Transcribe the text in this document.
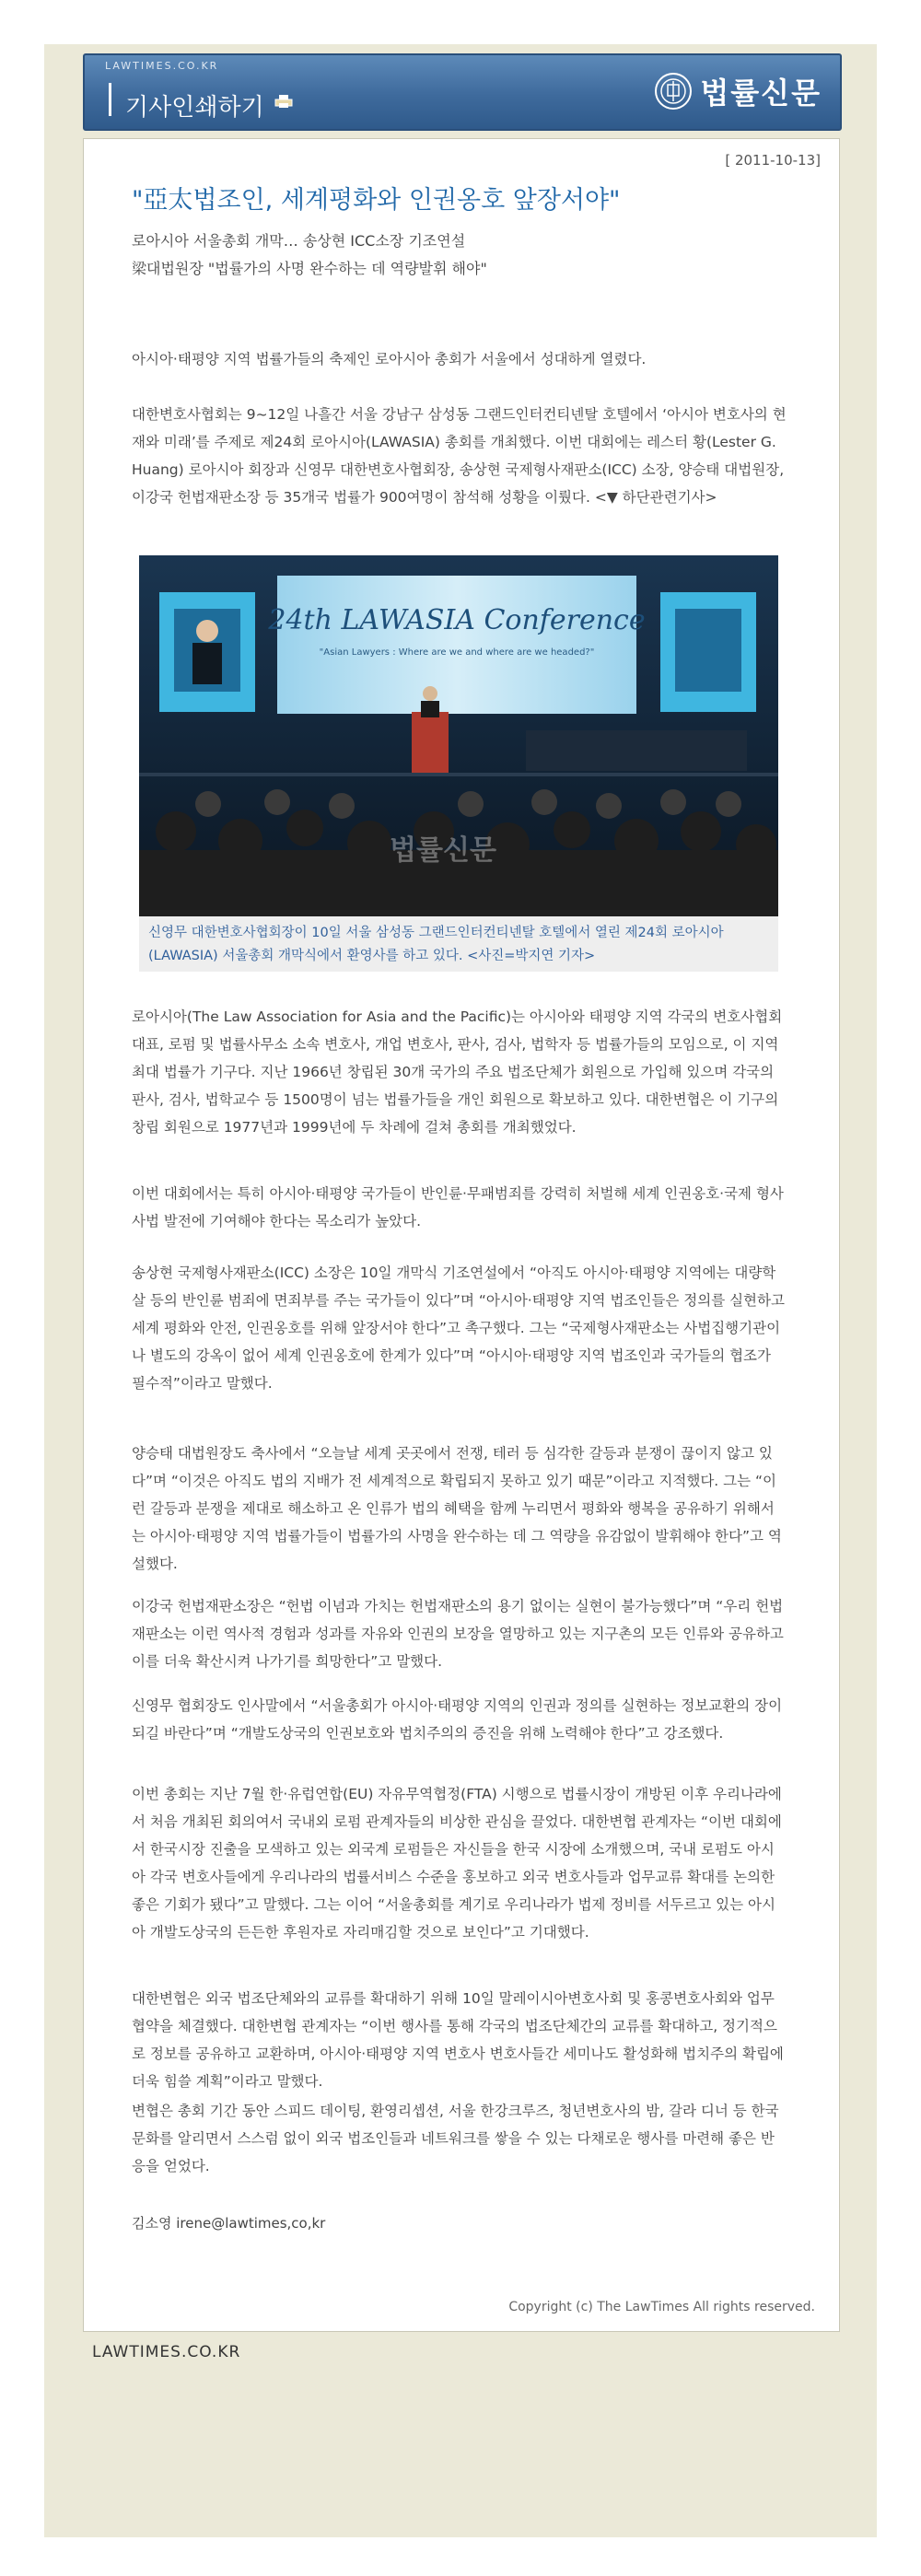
LAWTIMES.CO.KR
기사인쇄하기	법률신문
[ 2011-10-13]
"亞太법조인, 세계평화와 인권옹호 앞장서야"
로아시아 서울총회 개막… 송상현 ICC소장 기조연설
梁대법원장 "법률가의 사명 완수하는 데 역량발휘 해야"

아시아·태평양 지역 법률가들의 축제인 로아시아 총회가 서울에서 성대하게 열렸다.

대한변호사협회는 9~12일 나흘간 서울 강남구 삼성동 그랜드인터컨티넨탈 호텔에서 ‘아시아 변호사의 현재와 미래’를 주제로 제24회 로아시아(LAWASIA) 총회를 개최했다. 이번 대회에는 레스터 황(Lester G. Huang) 로아시아 회장과 신영무 대한변호사협회장, 송상현 국제형사재판소(ICC) 소장, 양승태 대법원장, 이강국 헌법재판소장 등 35개국 법률가 900여명이 참석해 성황을 이뤘다. <▼ 하단관련기사>

24th LAWASIA Conference
"Asian Lawyers : Where are we and where are we headed?"
법률신문

신영무 대한변호사협회장이 10일 서울 삼성동 그랜드인터컨티넨탈 호텔에서 열린 제24회 로아시아(LAWASIA) 서울총회 개막식에서 환영사를 하고 있다. <사진=박지연 기자>

로아시아(The Law Association for Asia and the Pacific)는 아시아와 태평양 지역 각국의 변호사협회 대표, 로펌 및 법률사무소 소속 변호사, 개업 변호사, 판사, 검사, 법학자 등 법률가들의 모임으로, 이 지역 최대 법률가 기구다. 지난 1966년 창립된 30개 국가의 주요 법조단체가 회원으로 가입해 있으며 각국의 판사, 검사, 법학교수 등 1500명이 넘는 법률가들을 개인 회원으로 확보하고 있다. 대한변협은 이 기구의 창립 회원으로 1977년과 1999년에 두 차례에 걸쳐 총회를 개최했었다.

이번 대회에서는 특히 아시아·태평양 국가들이 반인륜·무패범죄를 강력히 처벌해 세계 인권옹호·국제 형사사법 발전에 기여해야 한다는 목소리가 높았다.

송상현 국제형사재판소(ICC) 소장은 10일 개막식 기조연설에서 “아직도 아시아·태평양 지역에는 대량학살 등의 반인륜 범죄에 면죄부를 주는 국가들이 있다”며 “아시아·태평양 지역 법조인들은 정의를 실현하고 세계 평화와 안전, 인권옹호를 위해 앞장서야 한다”고 촉구했다. 그는 “국제형사재판소는 사법집행기관이나 별도의 강옥이 없어 세계 인권옹호에 한계가 있다”며 “아시아·태평양 지역 법조인과 국가들의 협조가 필수적”이라고 말했다.

양승태 대법원장도 축사에서 “오늘날 세계 곳곳에서 전쟁, 테러 등 심각한 갈등과 분쟁이 끊이지 않고 있다”며 “이것은 아직도 법의 지배가 전 세계적으로 확립되지 못하고 있기 때문”이라고 지적했다. 그는 “이런 갈등과 분쟁을 제대로 해소하고 온 인류가 법의 혜택을 함께 누리면서 평화와 행복을 공유하기 위해서는 아시아·태평양 지역 법률가들이 법률가의 사명을 완수하는 데 그 역량을 유감없이 발휘해야 한다”고 역설했다.

이강국 헌법재판소장은 “헌법 이념과 가치는 헌법재판소의 용기 없이는 실현이 불가능했다”며 “우리 헌법재판소는 이런 역사적 경험과 성과를 자유와 인권의 보장을 열망하고 있는 지구촌의 모든 인류와 공유하고 이를 더욱 확산시켜 나가기를 희망한다”고 말했다.

신영무 협회장도 인사말에서 “서울총회가 아시아·태평양 지역의 인권과 정의를 실현하는 정보교환의 장이 되길 바란다”며 “개발도상국의 인권보호와 법치주의의 증진을 위해 노력해야 한다”고 강조했다.

이번 총회는 지난 7월 한·유럽연합(EU) 자유무역협정(FTA) 시행으로 법률시장이 개방된 이후 우리나라에서 처음 개최된 회의여서 국내외 로펌 관계자들의 비상한 관심을 끌었다. 대한변협 관계자는 “이번 대회에서 한국시장 진출을 모색하고 있는 외국계 로펌들은 자신들을 한국 시장에 소개했으며, 국내 로펌도 아시아 각국 변호사들에게 우리나라의 법률서비스 수준을 홍보하고 외국 변호사들과 업무교류 확대를 논의한 좋은 기회가 됐다”고 말했다. 그는 이어 “서울총회를 계기로 우리나라가 법제 정비를 서두르고 있는 아시아 개발도상국의 든든한 후원자로 자리매김할 것으로 보인다”고 기대했다.

대한변협은 외국 법조단체와의 교류를 확대하기 위해 10일 말레이시아변호사회 및 홍콩변호사회와 업무협약을 체결했다. 대한변협 관계자는 “이번 행사를 통해 각국의 법조단체간의 교류를 확대하고, 정기적으로 정보를 공유하고 교환하며, 아시아·태평양 지역 변호사 변호사들간 세미나도 활성화해 법치주의 확립에 더욱 힘쓸 계획”이라고 말했다.

변협은 총회 기간 동안 스피드 데이팅, 환영리셉션, 서울 한강크루즈, 청년변호사의 밤, 갈라 디너 등 한국 문화를 알리면서 스스럼 없이 외국 법조인들과 네트워크를 쌓을 수 있는 다채로운 행사를 마련해 좋은 반응을 얻었다.

김소영 irene@lawtimes,co,kr
Copyright (c) The LawTimes All rights reserved.
LAWTIMES.CO.KR
